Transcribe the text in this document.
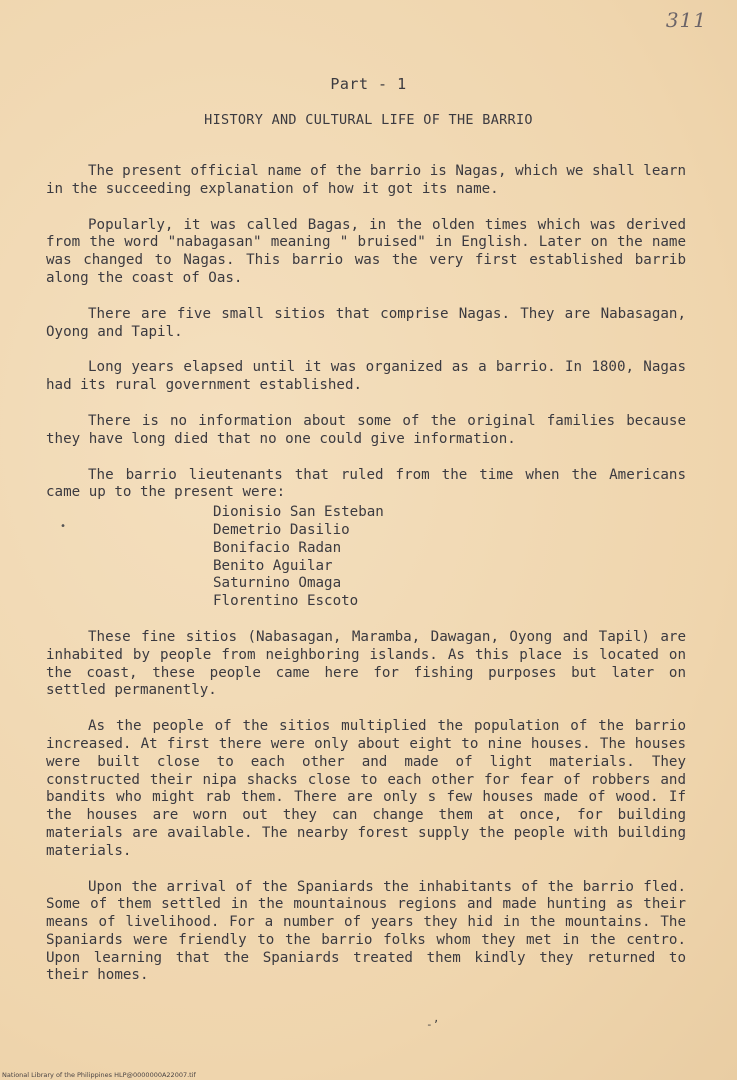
311
Part - 1
HISTORY AND CULTURAL LIFE OF THE BARRIO

The present official name of the barrio is Nagas, which we shall learn in the succeeding explanation of how it got its name.

Popularly, it was called Bagas, in the olden times which was derived from the word "nabagasan" meaning " bruised" in English. Later on the name was changed to Nagas. This barrio was the very first established barrib along the coast of Oas.

There are five small sitios that comprise Nagas. They are Nabasagan, Oyong and Tapil.

Long years elapsed until it was organized as a barrio. In 1800, Nagas had its rural government established.

There is no information about some of the original families because they have long died that no one could give information.

The barrio lieutenants that ruled from the time when the Americans came up to the present were:

Dionisio San Esteban
Demetrio Dasilio
Bonifacio Radan
Benito Aguilar
Saturnino Omaga
Florentino Escoto

These fine sitios (Nabasagan, Maramba, Dawagan, Oyong and Tapil) are inhabited by people from neighboring islands. As this place is located on the coast, these people came here for fishing purposes but later on settled permanently.

As the people of the sitios multiplied the population of the barrio increased. At first there were only about eight to nine houses. The houses were built close to each other and made of light materials. They constructed their nipa shacks close to each other for fear of robbers and bandits who might rab them. There are only s few houses made of wood. If the houses are worn out they can change them at once, for building materials are available. The nearby forest supply the people with building materials.

Upon the arrival of the Spaniards the inhabitants of the barrio fled. Some of them settled in the mountainous regions and made hunting as their means of livelihood. For a number of years they hid in the mountains. The Spaniards were friendly to the barrio folks whom they met in the centro. Upon learning that the Spaniards treated them kindly they returned to their homes.

•
-ʼ
National Library of the Philippines HLP@0000000A22007.tif
